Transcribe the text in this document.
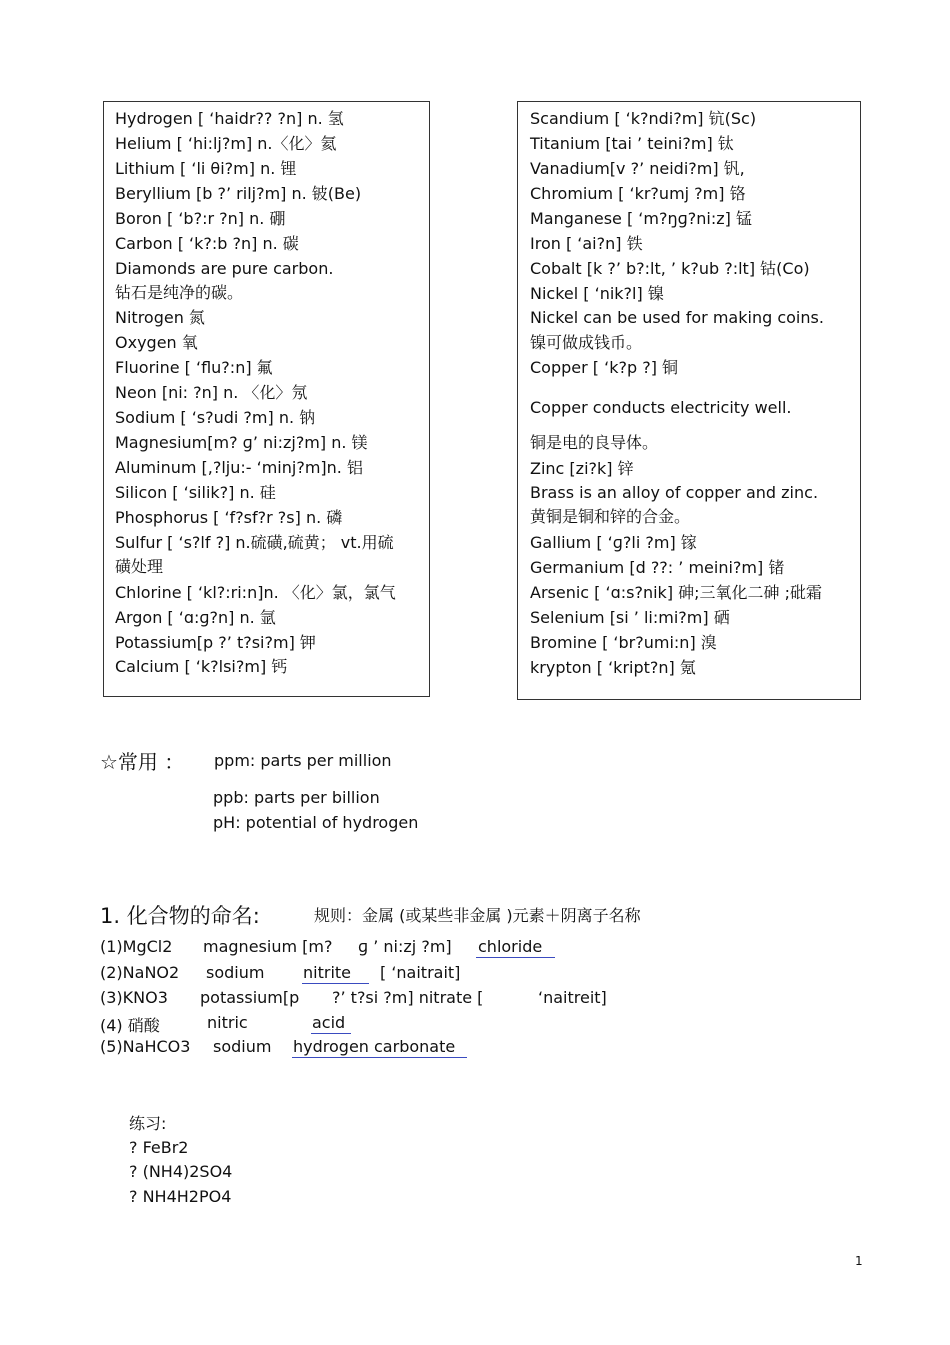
☆常用 ： ppm: parts per million
ppb: parts per billion
pH: potential of hydrogen
1. 化合物的命名:	规则：金属 (或某些非金属 )元素＋阴离子名称
(1)MgCl2 magnesium [m? ɡ ’ ni:zj ?m] chloride
(2)NaNO2 sodium nitrite [ ‘naitrait]
(3)KNO3 potassium[p ?’ t?si ?m] nitrate [	‘naitreit]
(4) 硝酸	nitric	acid
(5)NaHCO3 sodium hydrogen carbonate
练习:
? FeBr2
? (NH4)2SO4
? NH4H2PO4
1
Hydrogen [ ‘haidr?? ?n] n. 氢
Helium [ ‘hi:lj?m] n.〈化〉氦
Lithium [ ‘li θi?m] n. 锂
Beryllium [b ?’ rilj?m] n. 铍(Be)
Boron [ ‘b?:r ?n] n. 硼
Carbon [ ‘k?:b ?n] n. 碳
Diamonds are pure carbon.
钻石是纯净的碳。
Nitrogen 氮
Oxygen 氧
Fluorine [ ‘flu?:n] 氟
Neon [ni: ?n] n. 〈化〉氖
Sodium [ ‘s?udi ?m] n. 钠
Magnesium[m? ɡ’ ni:zj?m] n. 镁
Aluminum [,?lju:- ‘minj?m]n. 铝
Silicon [ ‘silik?] n. 硅
Phosphorus [ ‘f?sf?r ?s] n. 磷
Sulfur [ ‘s?lf ?] n.硫磺,硫黄； vt.用硫
磺处理
Chlorine [ ‘kl?:ri:n]n. 〈化〉氯，氯气
Argon [ ‘ɑ:ɡ?n] n. 氩
Potassium[p ?’ t?si?m] 钾
Calcium [ ‘k?lsi?m] 钙
Scandium [ ‘k?ndi?m] 钪(Sc)
Titanium [tai ’ teini?m] 钛
Vanadium[v ?’ neidi?m] 钒,
Chromium [ ‘kr?umj ?m] 铬
Manganese [ ‘m?ŋɡ?ni:z] 锰
Iron [ ‘ai?n] 铁
Cobalt [k ?’ b?:lt, ’ k?ub ?:lt] 钴(Co)
Nickel [ ‘nik?l] 镍
Nickel can be used for making coins.
镍可做成钱币。
Copper [ ‘k?p ?] 铜
Copper conducts electricity well.
铜是电的良导体。
Zinc [zi?k] 锌
Brass is an alloy of copper and zinc.
黄铜是铜和锌的合金。
Gallium [ ‘ɡ?li ?m] 镓
Germanium [d ??: ’ meini?m] 锗
Arsenic [ ‘ɑ:s?nik] 砷;三氧化二砷 ;砒霜
Selenium [si ’ li:mi?m] 硒
Bromine [ ‘br?umi:n] 溴
krypton [ ‘kript?n] 氪
